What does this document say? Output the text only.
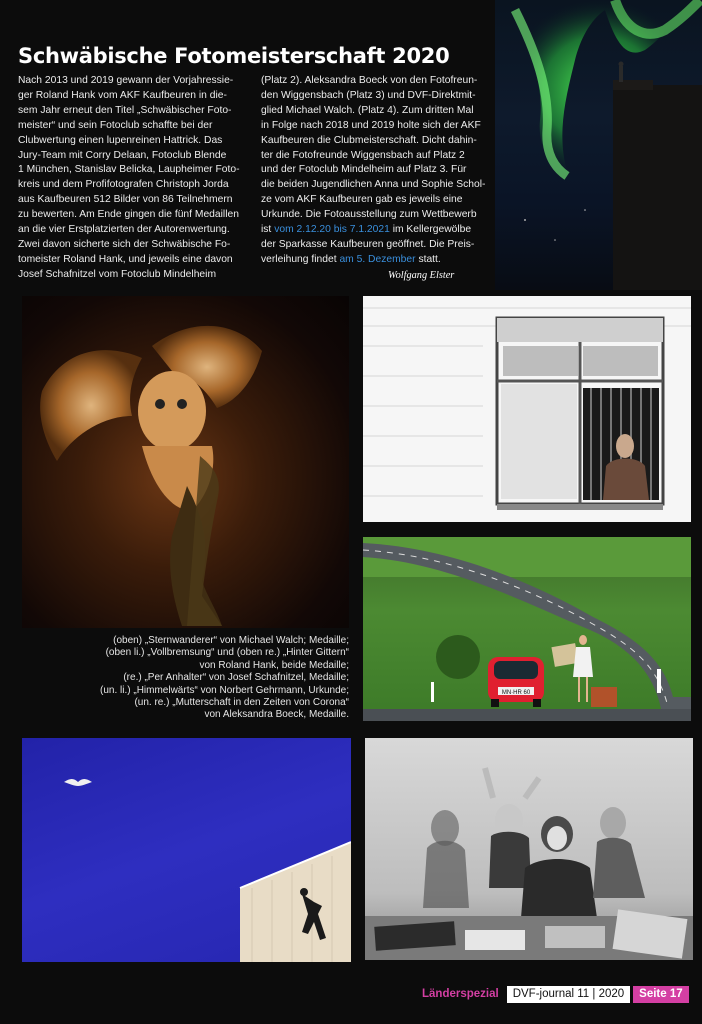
Schwäbische Fotomeisterschaft 2020
Nach 2013 und 2019 gewann der Vorjahressie-
ger Roland Hank vom AKF Kaufbeuren in die-
sem Jahr erneut den Titel „Schwäbischer Foto-
meister“ und sein Fotoclub schaffte bei der
Clubwertung einen lupenreinen Hattrick. Das
Jury-Team mit Corry Delaan, Fotoclub Blende
1 München, Stanislav Belicka, Laupheimer Foto-
kreis und dem Profifotografen Christoph Jorda
aus Kaufbeuren 512 Bilder von 86 Teilnehmern
zu bewerten. Am Ende gingen die fünf Medaillen
an die vier Erstplatzierten der Autorenwertung.
Zwei davon sicherte sich der Schwäbische Fo-
tomeister Roland Hank, und jeweils eine davon
Josef Schafnitzel vom Fotoclub Mindelheim
(Platz 2). Aleksandra Boeck von den Fotofreun-
den Wiggensbach (Platz 3) und DVF-Direktmit-
glied Michael Walch. (Platz 4). Zum dritten Mal
in Folge nach 2018 und 2019 holte sich der AKF
Kaufbeuren die Clubmeisterschaft. Dicht dahin-
ter die Fotofreunde Wiggensbach auf Platz 2
und der Fotoclub Mindelheim auf Platz 3. Für
die beiden Jugendlichen Anna und Sophie Schol-
ze vom AKF Kaufbeuren gab es jeweils eine
Urkunde. Die Fotoausstellung zum Wettbewerb
ist vom 2.12.20 bis 7.1.2021 im Kellergewölbe
der Sparkasse Kaufbeuren geöffnet. Die Preis-
verleihung findet am 5. Dezember statt.
Wolfgang Elster
MN·HR 60
(oben) „Sternwanderer“ von Michael Walch; Medaille;
(oben li.) „Vollbremsung“ und (oben re.) „Hinter Gittern“
von Roland Hank, beide Medaille;
(re.) „Per Anhalter“ von Josef Schafnitzel, Medaille;
(un. li.) „Himmelwärts“ von Norbert Gehrmann, Urkunde;
(un. re.) „Mutterschaft in den Zeiten von Corona“
von Aleksandra Boeck, Medaille.
Länderspezial	DVF-journal 11 | 2020	Seite 17
